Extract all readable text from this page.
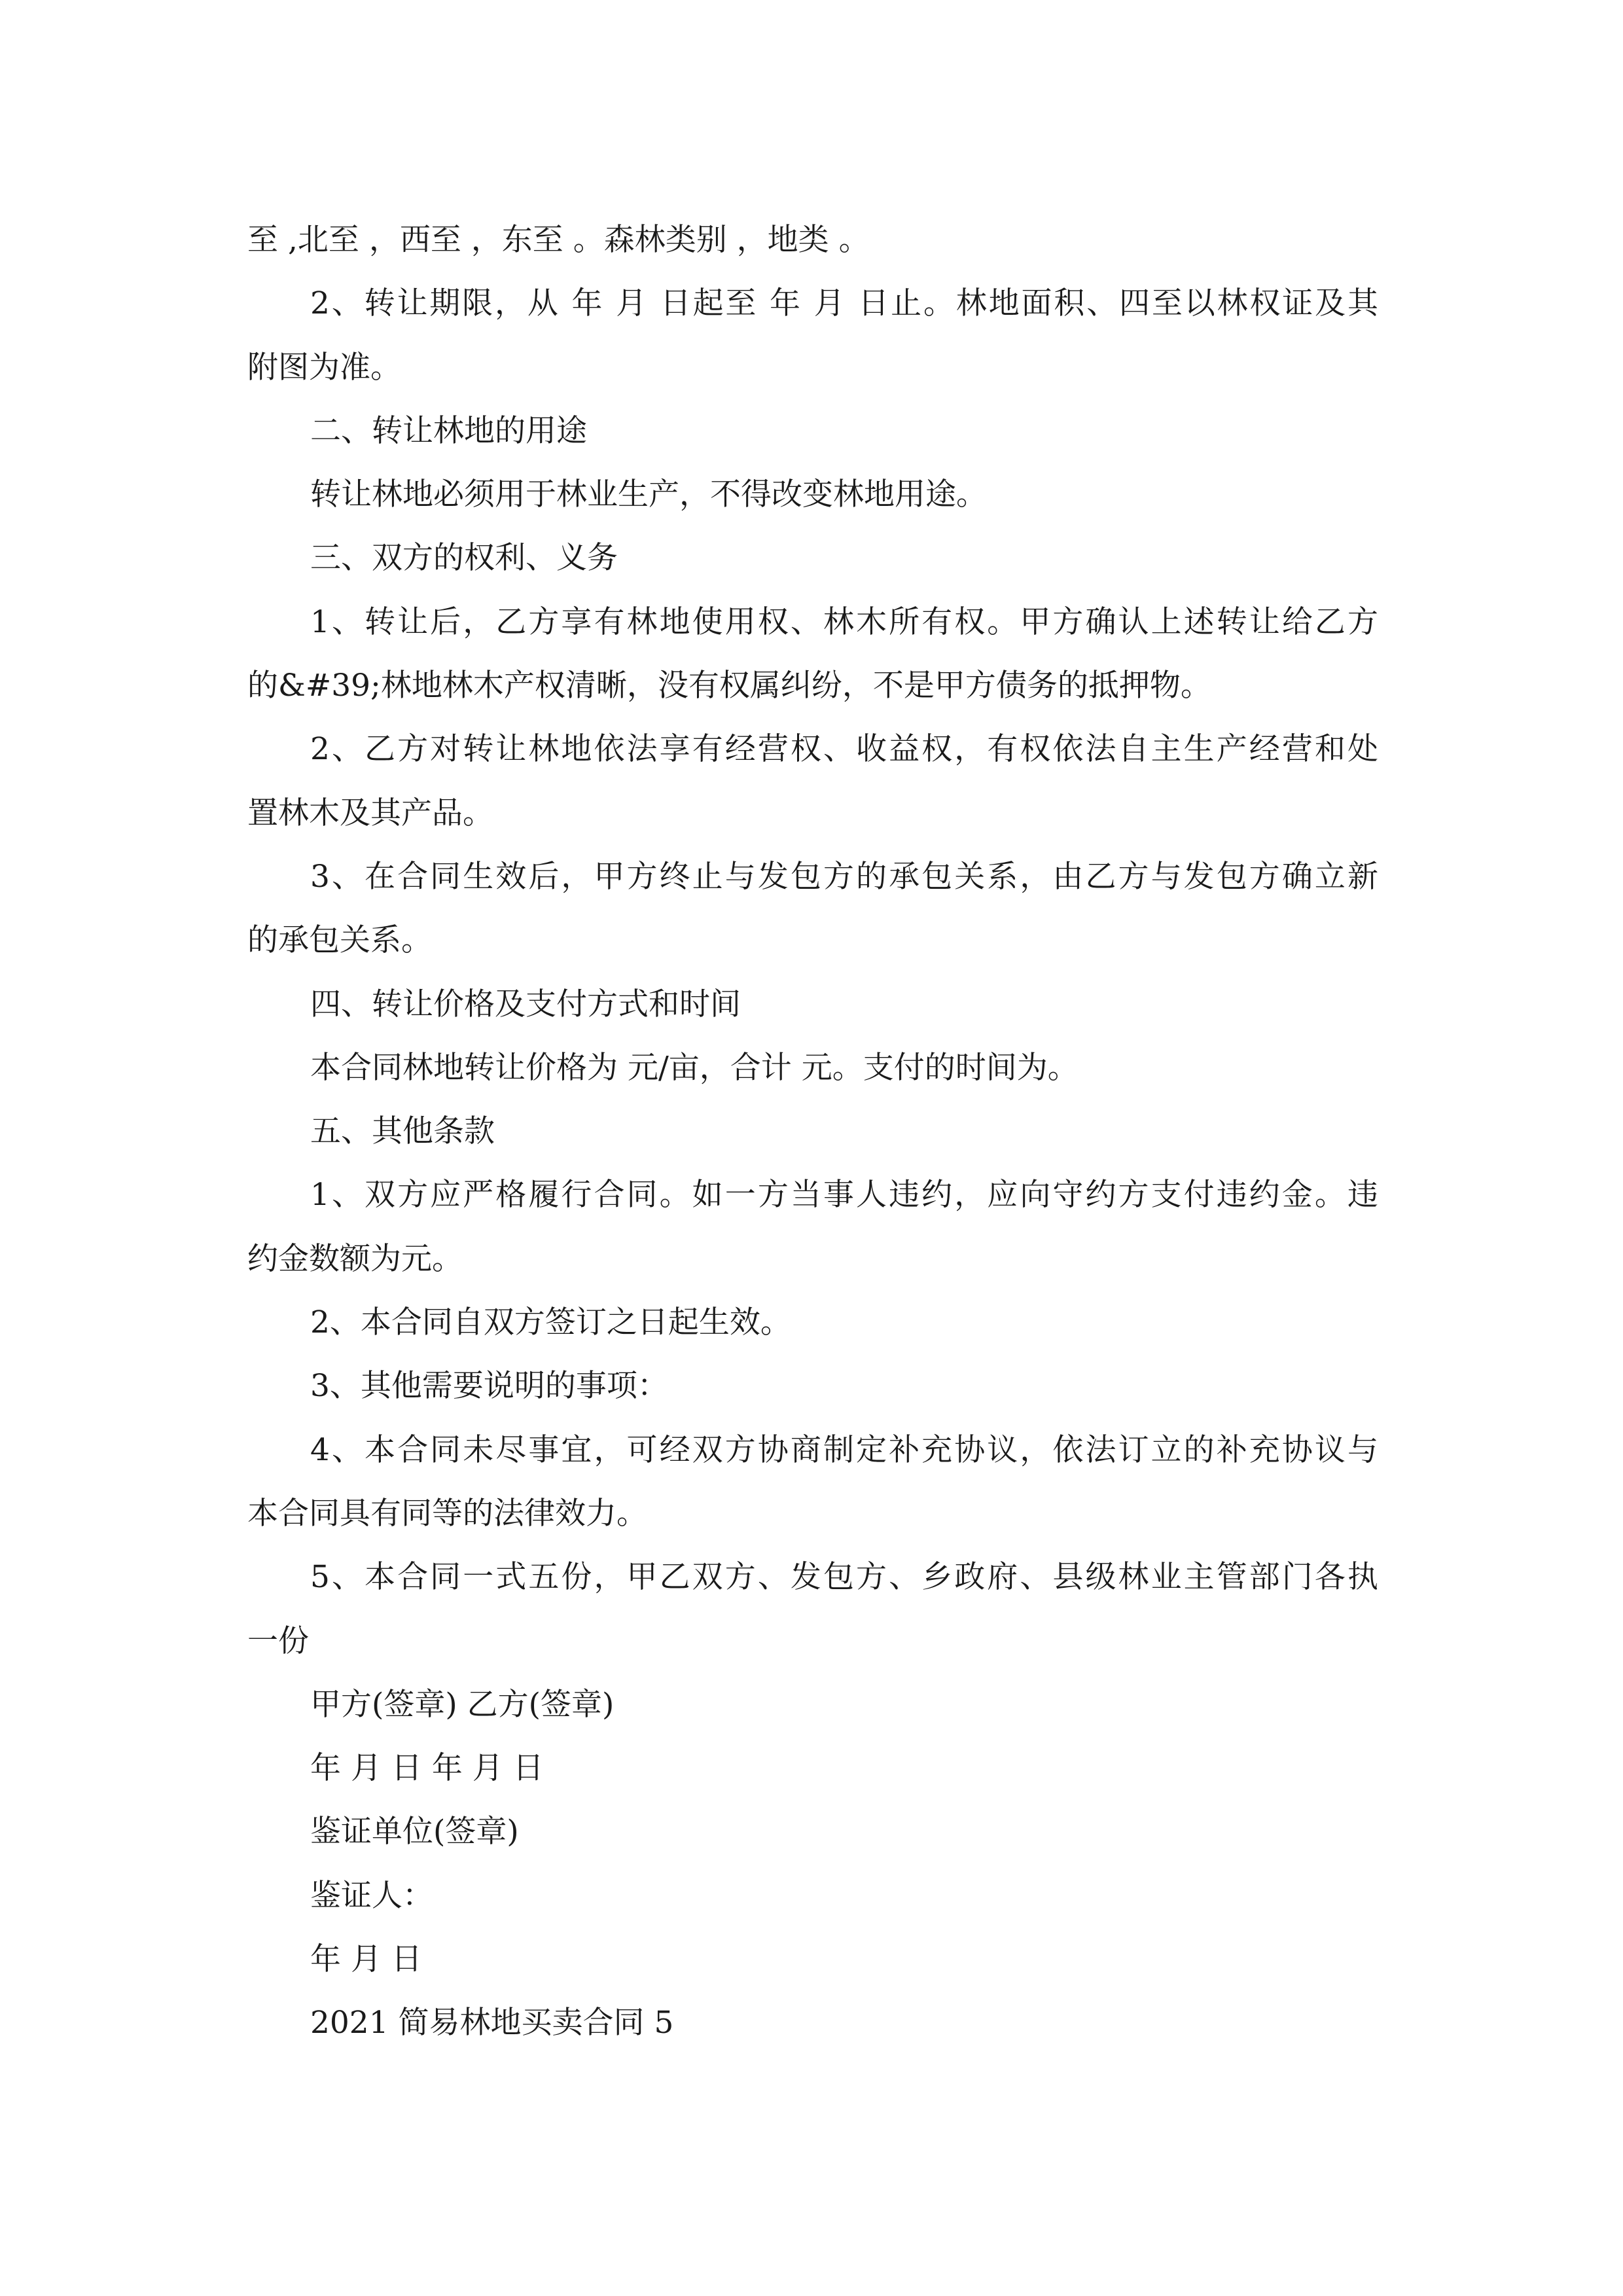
至 ,北至 ，西至 ，东至 。森林类别 ，地类 。
2、转让期限，从 年 月 日起至 年 月 日止。林地面积、四至以林权证及其
附图为准。
二、转让林地的用途
转让林地必须用于林业生产，不得改变林地用途。
三、双方的权利、义务
1、转让后，乙方享有林地使用权、林木所有权。甲方确认上述转让给乙方
的&#39;林地林木产权清晰，没有权属纠纷，不是甲方债务的抵押物。
2、乙方对转让林地依法享有经营权、收益权，有权依法自主生产经营和处
置林木及其产品。
3、在合同生效后，甲方终止与发包方的承包关系，由乙方与发包方确立新
的承包关系。
四、转让价格及支付方式和时间
本合同林地转让价格为 元/亩，合计 元。支付的时间为。
五、其他条款
1、双方应严格履行合同。如一方当事人违约，应向守约方支付违约金。违
约金数额为元。
2、本合同自双方签订之日起生效。
3、其他需要说明的事项：
4、本合同未尽事宜，可经双方协商制定补充协议，依法订立的补充协议与
本合同具有同等的法律效力。
5、本合同一式五份，甲乙双方、发包方、乡政府、县级林业主管部门各执
一份
甲方(签章) 乙方(签章)
年 月 日 年 月 日
鉴证单位(签章)
鉴证人：
年 月 日
2021 简易林地买卖合同 5
